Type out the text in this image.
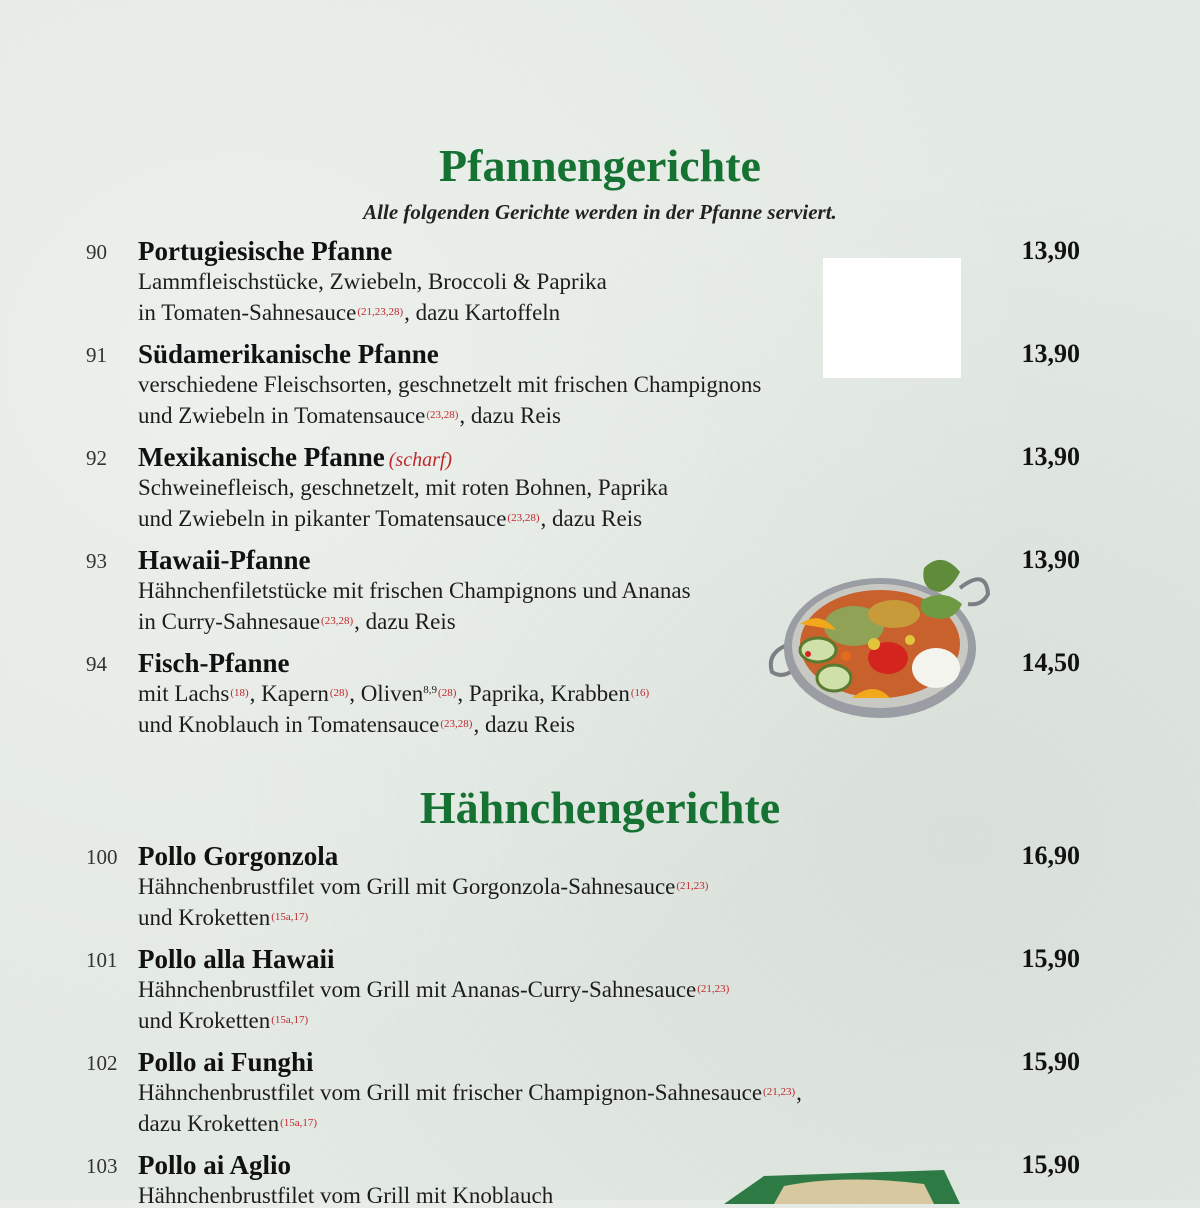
Pfannengerichte
Alle folgenden Gerichte werden in der Pfanne serviert.
90 Portugiesische Pfanne	13,90
Lammfleischstücke, Zwiebeln, Broccoli & Paprika
in Tomaten-Sahnesauce$^{(21,23,28)}$, dazu Kartoffeln
91 Südamerikanische Pfanne	13,90
verschiedene Fleischsorten, geschnetzelt mit frischen Champignons
und Zwiebeln in Tomatensauce$^{(23,28)}$, dazu Reis
92 Mexikanische Pfanne (scharf)	13,90
Schweinefleisch, geschnetzelt, mit roten Bohnen, Paprika
und Zwiebeln in pikanter Tomatensauce$^{(23,28)}$, dazu Reis
93 Hawaii-Pfanne	13,90
Hähnchenfiletstücke mit frischen Champignons und Ananas
in Curry-Sahnesaue$^{(23,28)}$, dazu Reis
94 Fisch-Pfanne	14,50
mit Lachs$^{(18)}$, Kapern$^{(28)}$, Oliven$^{8,9(28)}$, Paprika, Krabben$^{(16)}$
und Knoblauch in Tomatensauce$^{(23,28)}$, dazu Reis
Hähnchengerichte
100 Pollo Gorgonzola	16,90
Hähnchenbrustfilet vom Grill mit Gorgonzola-Sahnesauce$^{(21,23)}$
und Kroketten$^{(15a,17)}$
101 Pollo alla Hawaii	15,90
Hähnchenbrustfilet vom Grill mit Ananas-Curry-Sahnesauce$^{(21,23)}$
und Kroketten$^{(15a,17)}$
102 Pollo ai Funghi	15,90
Hähnchenbrustfilet vom Grill mit frischer Champignon-Sahnesauce$^{(21,23)}$,
dazu Kroketten$^{(15a,17)}$
103 Pollo ai Aglio	15,90
Hähnchenbrustfilet vom Grill mit Knoblauch
